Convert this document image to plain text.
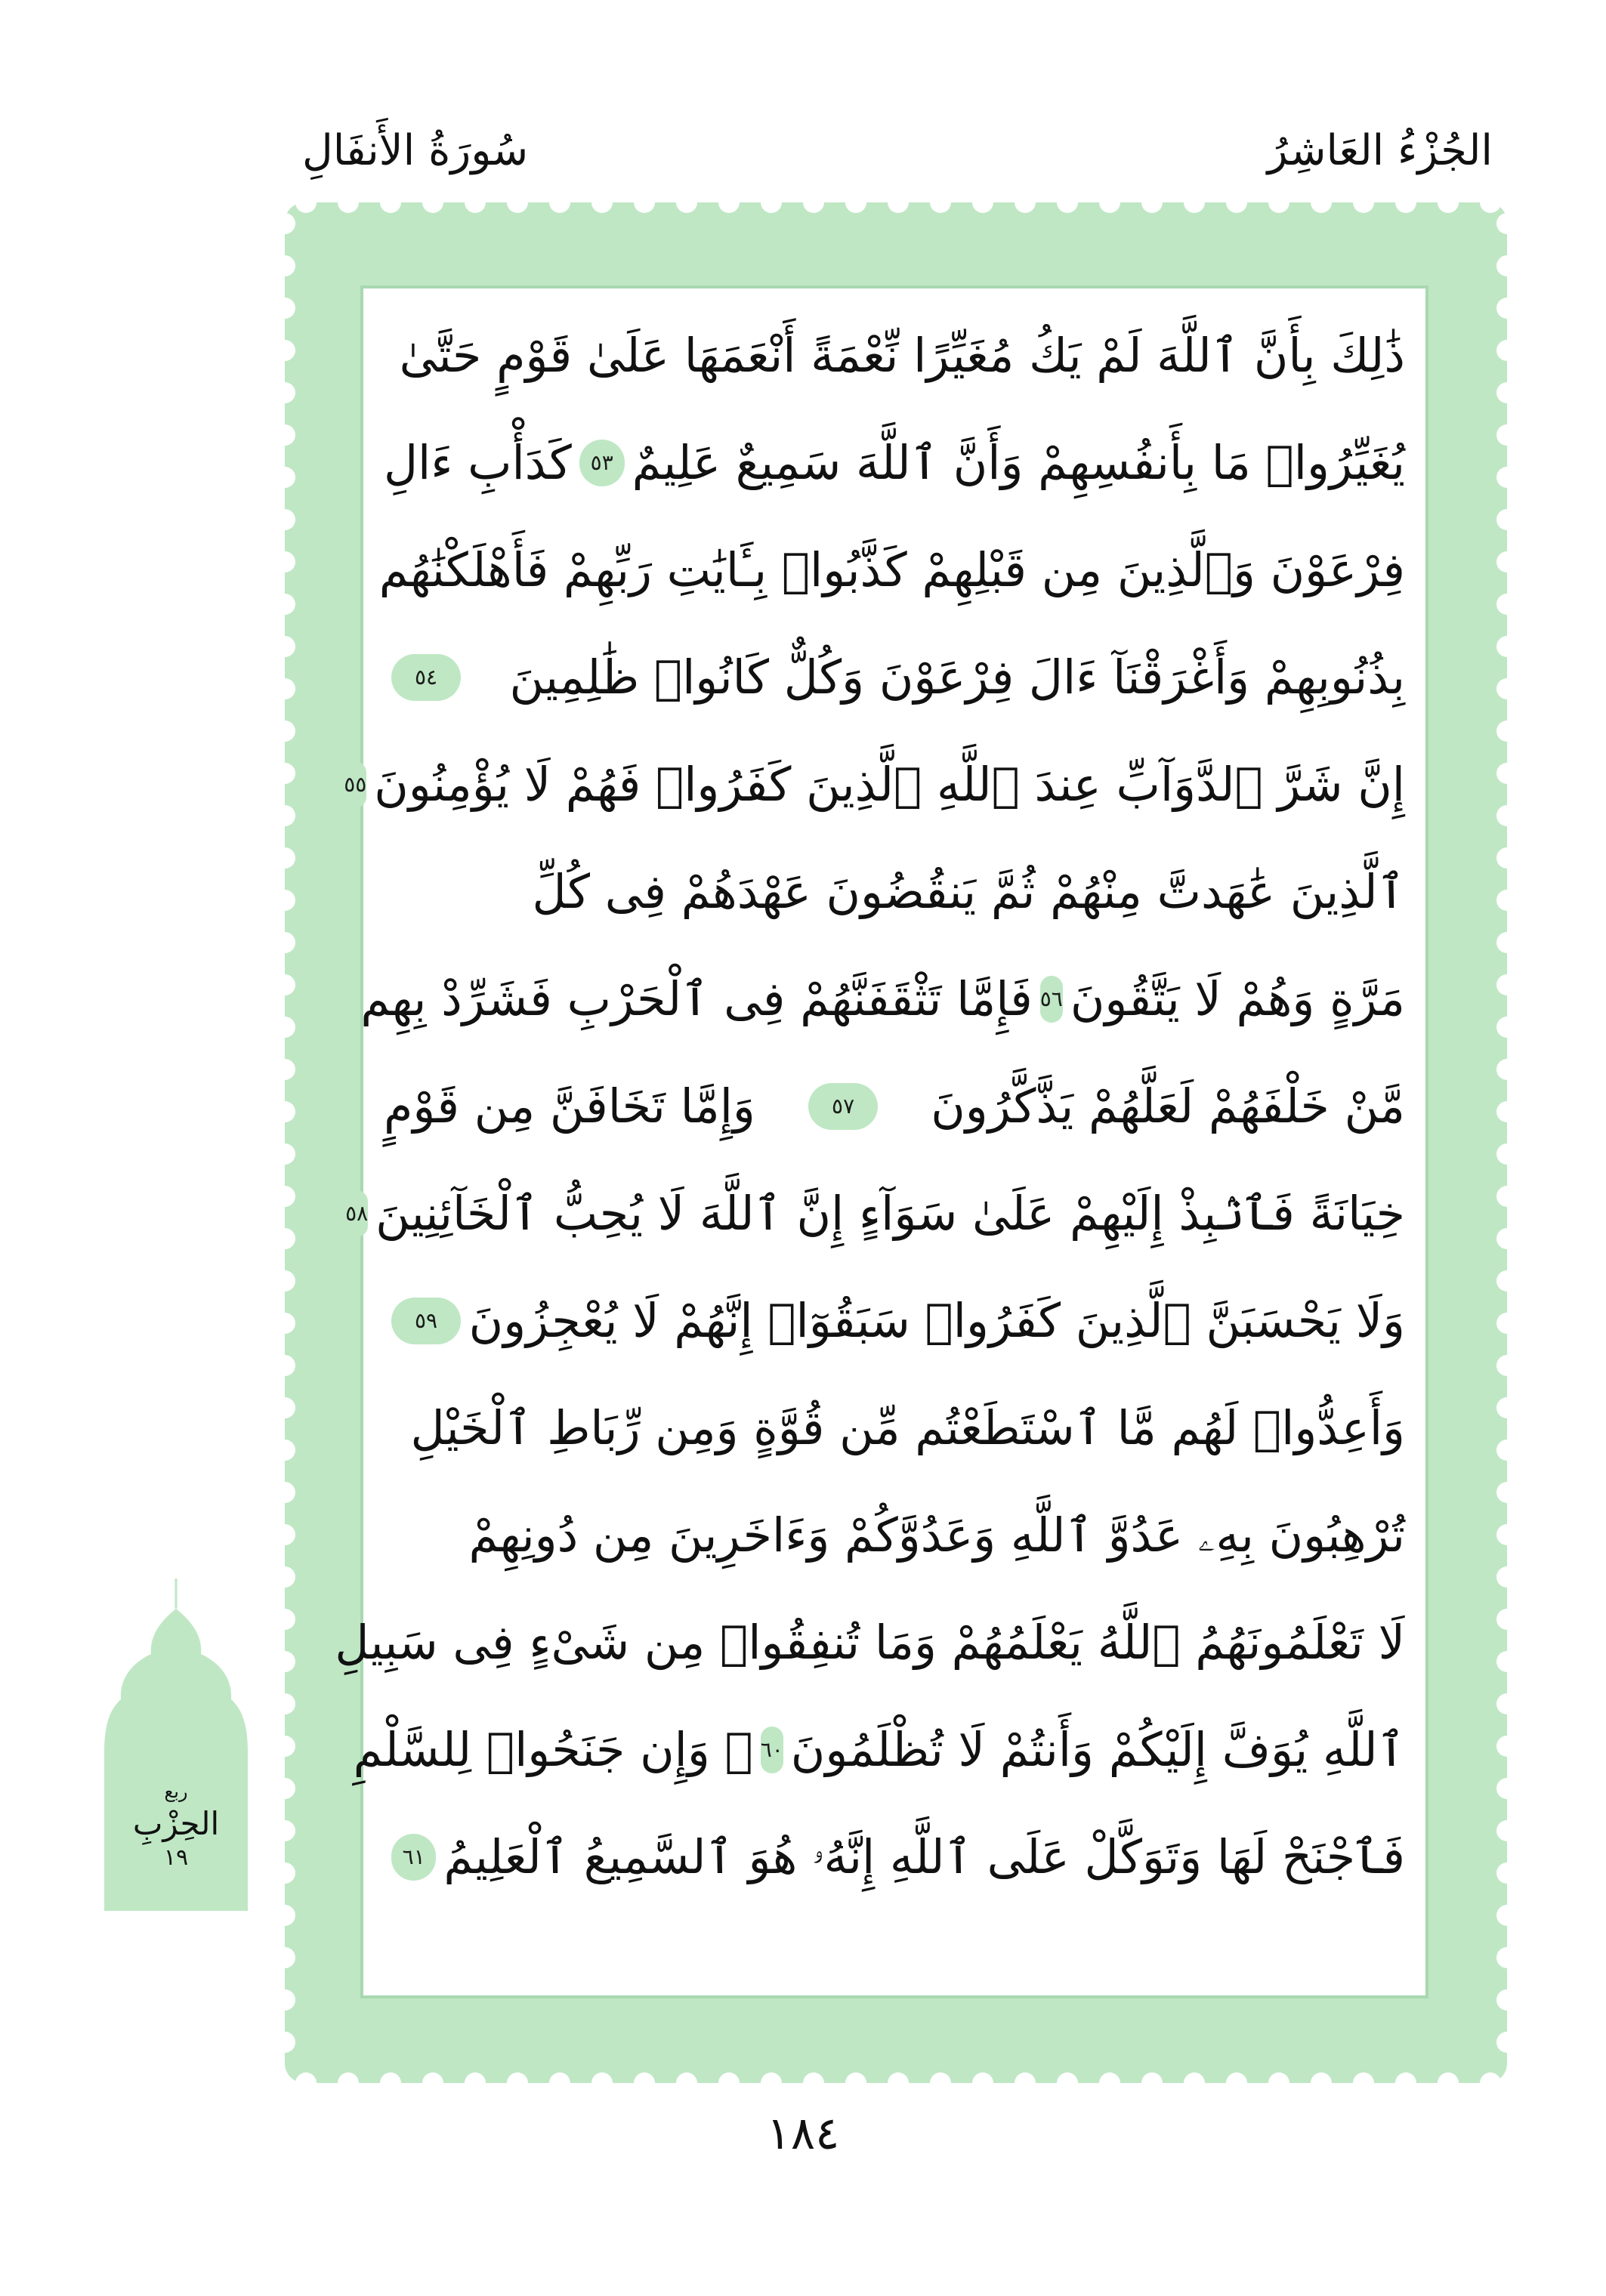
الجُزْءُ العَاشِرُ
سُورَةُ الأَنفَالِ
ذَٰلِكَ بِأَنَّ ٱللَّهَ لَمْ يَكُ مُغَيِّرًا نِّعْمَةً أَنْعَمَهَا عَلَىٰ قَوْمٍ حَتَّىٰ
يُغَيِّرُوا۟ مَا بِأَنفُسِهِمْ وَأَنَّ ٱللَّهَ سَمِيعٌ عَلِيمٌ
٥٣
كَدَأْبِ ءَالِ
فِرْعَوْنَ وَٱلَّذِينَ مِن قَبْلِهِمْ كَذَّبُوا۟ بِـَٔايَٰتِ رَبِّهِمْ فَأَهْلَكْنَٰهُم
بِذُنُوبِهِمْ وَأَغْرَقْنَآ ءَالَ فِرْعَوْنَ وَكُلٌّ كَانُوا۟ ظَٰلِمِينَ
٥٤
إِنَّ شَرَّ ٱلدَّوَآبِّ عِندَ ٱللَّهِ ٱلَّذِينَ كَفَرُوا۟ فَهُمْ لَا يُؤْمِنُونَ
٥٥
ٱلَّذِينَ عَٰهَدتَّ مِنْهُمْ ثُمَّ يَنقُضُونَ عَهْدَهُمْ فِى كُلِّ
مَرَّةٍ وَهُمْ لَا يَتَّقُونَ
٥٦
فَإِمَّا تَثْقَفَنَّهُمْ فِى ٱلْحَرْبِ فَشَرِّدْ بِهِم
مَّنْ خَلْفَهُمْ لَعَلَّهُمْ يَذَّكَّرُونَ
٥٧
وَإِمَّا تَخَافَنَّ مِن قَوْمٍ
خِيَانَةً فَٱنۢبِذْ إِلَيْهِمْ عَلَىٰ سَوَآءٍ إِنَّ ٱللَّهَ لَا يُحِبُّ ٱلْخَآئِنِينَ
٥٨
وَلَا يَحْسَبَنَّ ٱلَّذِينَ كَفَرُوا۟ سَبَقُوٓا۟ إِنَّهُمْ لَا يُعْجِزُونَ
٥٩
وَأَعِدُّوا۟ لَهُم مَّا ٱسْتَطَعْتُم مِّن قُوَّةٍ وَمِن رِّبَاطِ ٱلْخَيْلِ
تُرْهِبُونَ بِهِۦ عَدُوَّ ٱللَّهِ وَعَدُوَّكُمْ وَءَاخَرِينَ مِن دُونِهِمْ
لَا تَعْلَمُونَهُمُ ٱللَّهُ يَعْلَمُهُمْ وَمَا تُنفِقُوا۟ مِن شَىْءٍ فِى سَبِيلِ
ٱللَّهِ يُوَفَّ إِلَيْكُمْ وَأَنتُمْ لَا تُظْلَمُونَ
٦٠
۞ وَإِن جَنَحُوا۟ لِلسَّلْمِ
فَٱجْنَحْ لَهَا وَتَوَكَّلْ عَلَى ٱللَّهِ إِنَّهُۥ هُوَ ٱلسَّمِيعُ ٱلْعَلِيمُ
٦١
ربع
الحِزْبِ
١٩
١٨٤
